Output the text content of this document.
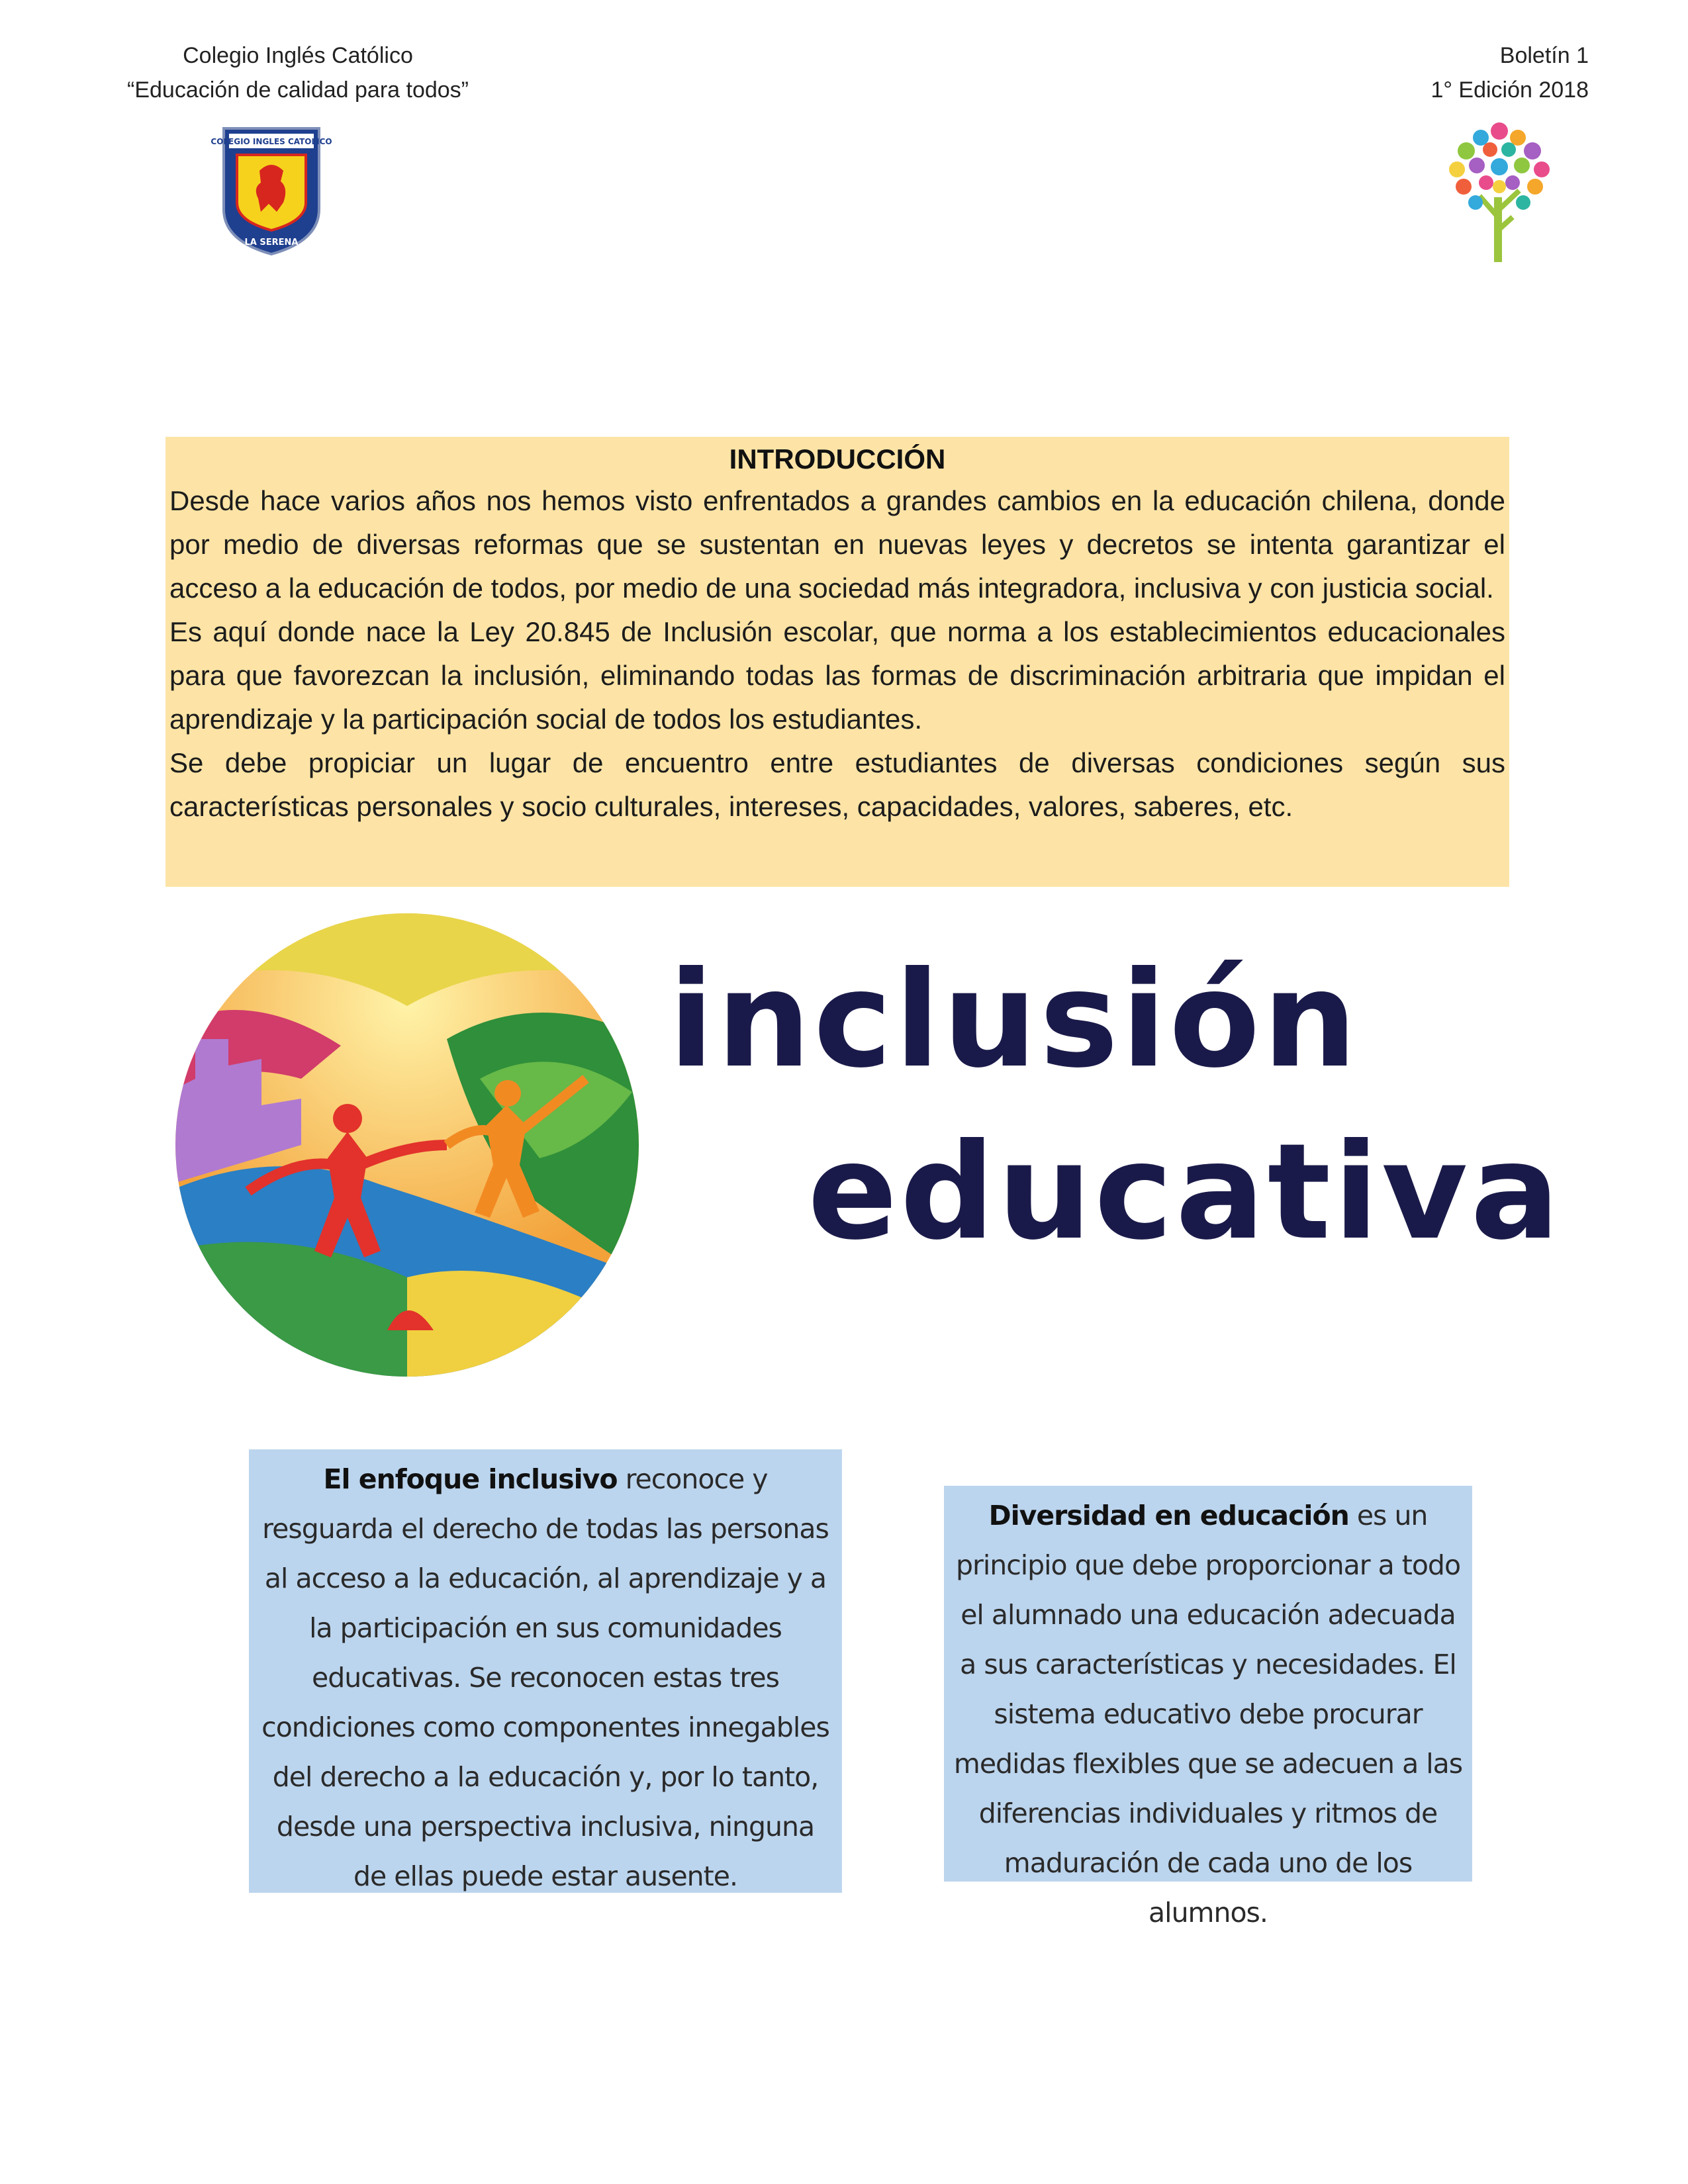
Colegio Inglés Católico
“Educación de calidad para todos”
Boletín 1
1° Edición 2018
COLEGIO INGLES CATOLICO
LA SERENA
INTRODUCCIÓN

Desde hace varios años nos hemos visto enfrentados a grandes cambios en la educación chilena, donde por medio de diversas reformas que se sustentan en nuevas leyes y decretos se intenta garantizar el acceso a la educación de todos, por medio de una sociedad más integradora, inclusiva y con justicia social.

Es aquí donde nace la Ley 20.845 de Inclusión escolar, que norma a los establecimientos educacionales para que favorezcan la inclusión, eliminando todas las formas de discriminación arbitraria que impidan el aprendizaje y la participación social de todos los estudiantes.

Se debe propiciar un lugar de encuentro entre estudiantes de diversas condiciones según sus características personales y socio culturales, intereses, capacidades, valores, saberes, etc.

inclusión
educativa
El enfoque inclusivo reconoce y resguarda el derecho de todas las personas al acceso a la educación, al aprendizaje y a la participación en sus comunidades educativas. Se reconocen estas tres condiciones como componentes innegables del derecho a la educación y, por lo tanto, desde una perspectiva inclusiva, ninguna de ellas puede estar ausente.
Diversidad en educación es un principio que debe proporcionar a todo el alumnado una educación adecuada a sus características y necesidades. El sistema educativo debe procurar medidas flexibles que se adecuen a las diferencias individuales y ritmos de maduración de cada uno de los alumnos.
